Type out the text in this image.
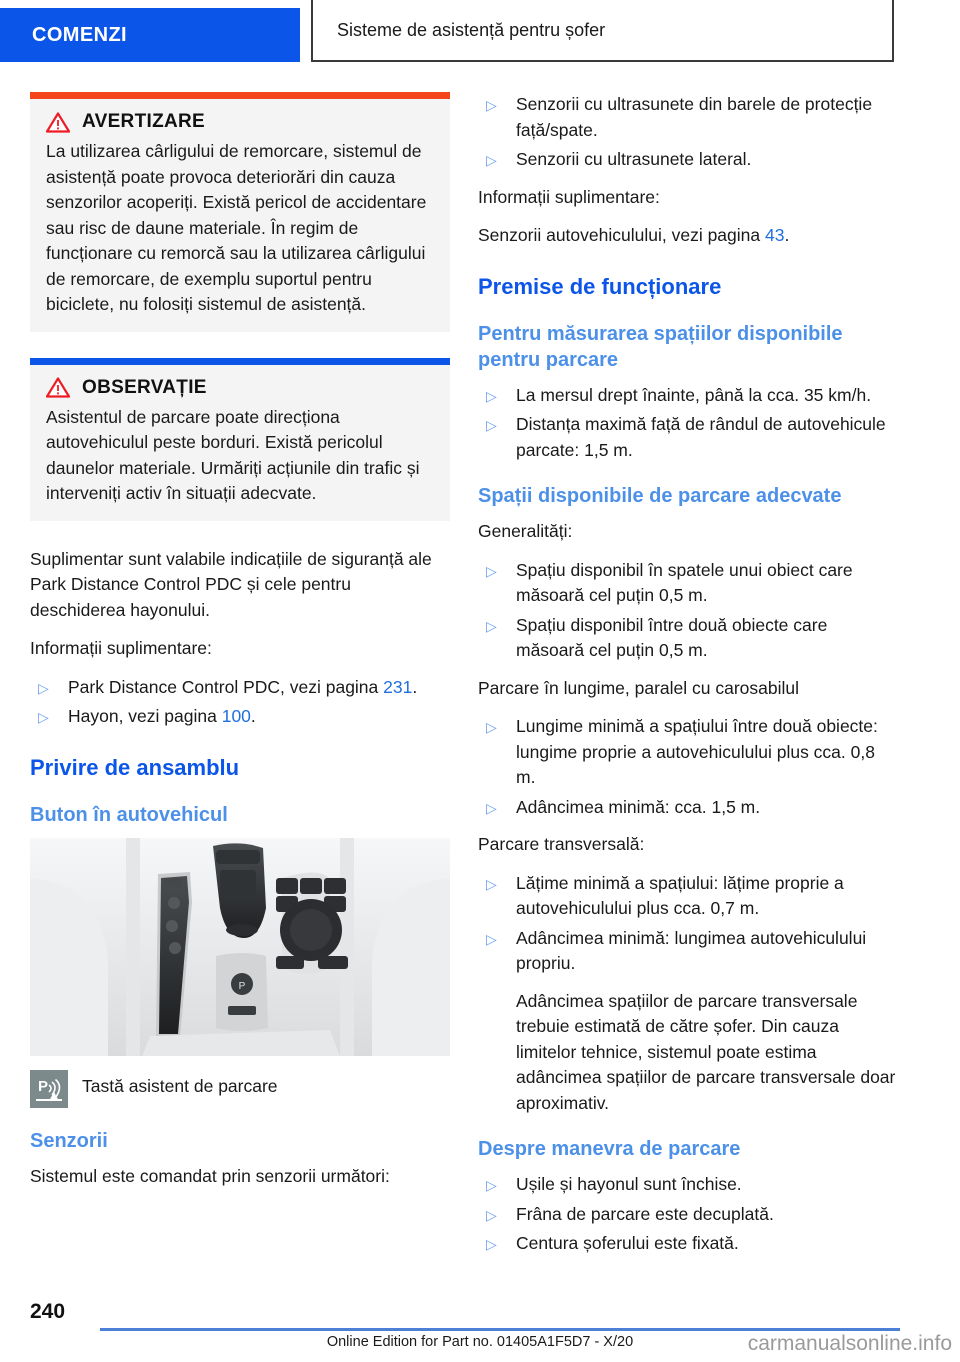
COMENZI	Sisteme de asistență pentru șofer
AVERTIZARE

La utilizarea cârligului de remorcare, sistemul de asistență poate provoca deteriorări din cauza senzorilor acoperiți. Există pericol de accidentare sau risc de daune materiale. În regim de funcționare cu remorcă sau la utilizarea cârligului de remorcare, de exemplu suportul pentru biciclete, nu folosiți sistemul de asistență.

OBSERVAȚIE

Asistentul de parcare poate direcționa autovehiculul peste borduri. Există pericolul daunelor materiale. Urmăriți acțiunile din trafic și interveniți activ în situații adecvate.

Suplimentar sunt valabile indicațiile de siguranță ale Park Distance Control PDC și cele pentru deschiderea hayonului.

Informații suplimentare:

▷ Park Distance Control PDC, vezi pagina 231.
▷ Hayon, vezi pagina 100.
Privire de ansamblu
Buton în autovehicul
P
P Tastă asistent de parcare
Senzorii

Sistemul este comandat prin senzorii următori:

▷ Senzorii cu ultrasunete din barele de protecție față/spate.
▷ Senzorii cu ultrasunete lateral.

Informații suplimentare:

Senzorii autovehiculului, vezi pagina 43.

Premise de funcționare
Pentru măsurarea spațiilor disponibile pentru parcare
▷ La mersul drept înainte, până la cca. 35 km/h.
▷ Distanța maximă față de rândul de autovehicule parcate: 1,5 m.
Spații disponibile de parcare adecvate

Generalități:

▷ Spațiu disponibil în spatele unui obiect care măsoară cel puțin 0,5 m.
▷ Spațiu disponibil între două obiecte care măsoară cel puțin 0,5 m.

Parcare în lungime, paralel cu carosabilul

▷ Lungime minimă a spațiului între două obiecte: lungime proprie a autovehiculului plus cca. 0,8 m.
▷ Adâncimea minimă: cca. 1,5 m.

Parcare transversală:

▷ Lățime minimă a spațiului: lățime proprie a autovehiculului plus cca. 0,7 m.
▷ Adâncimea minimă: lungimea autovehiculului propriu.
Adâncimea spațiilor de parcare transversale trebuie estimată de către șofer. Din cauza limitelor tehnice, sistemul poate estima adâncimea spațiilor de parcare transversale doar aproximativ.
Despre manevra de parcare
▷ Ușile și hayonul sunt închise.
▷ Frâna de parcare este decuplată.
▷ Centura șoferului este fixată.
240
Online Edition for Part no. 01405A1F5D7 - X/20	carmanualsonline.info
